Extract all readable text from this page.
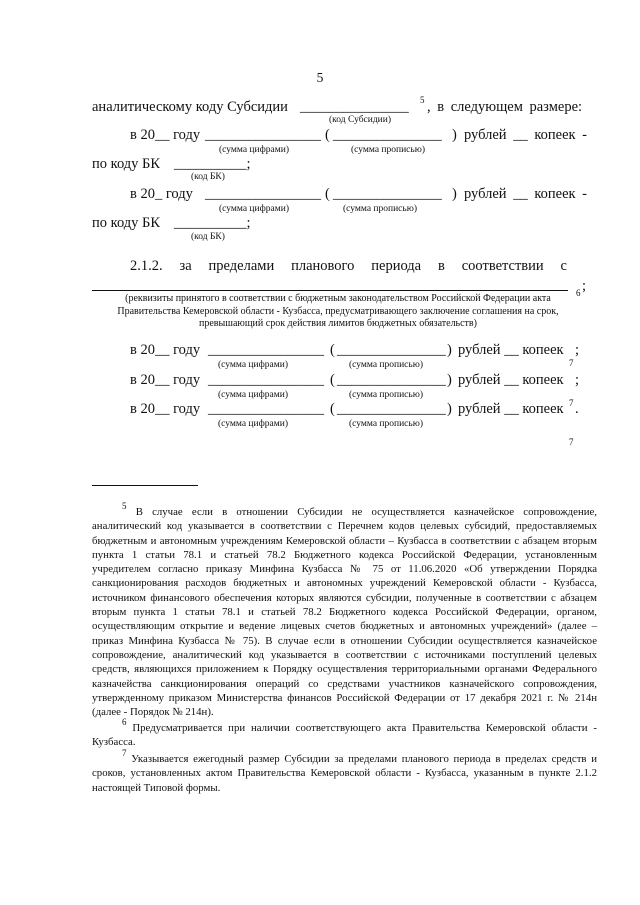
5
аналитическому коду Субсидии _______________ 5 , в следующем размере:
(код Субсидии)
в 20__ году ________________ ( _______________ ) рублей __ копеек -
(сумма цифрами)	(сумма прописью)
по коду БК __________;
(код БК)
в 20_ году ________________ ( _______________ ) рублей __ копеек -
(сумма цифрами)	(сумма прописью)
по коду БК __________;
(код БК)
2.1.2. за пределами планового периода в соответствии с
6 ;
(реквизиты принятого в соответствии с бюджетным законодательством Российской Федерации акта
Правительства Кемеровской области - Кузбасса, предусматривающего заключение соглашения на срок,
превышающий срок действия лимитов бюджетных обязательств)
в 20__ году ________________ ( _______________ ) рублей __ копеек
7
;
(сумма цифрами)	(сумма прописью)
в 20__ году ________________ ( _______________ ) рублей __ копеек
7
;
(сумма цифрами)	(сумма прописью)
в 20__ году ________________ ( _______________ ) рублей __ копеек
7
.
(сумма цифрами)	(сумма прописью)
$^5$ В случае если в отношении Субсидии не осуществляется казначейское сопровождение, аналитический код указывается в соответствии с Перечнем кодов целевых субсидий, предоставляемых бюджетным и автономным учреждениям Кемеровской области – Кузбасса в соответствии с абзацем вторым пункта 1 статьи 78.1 и статьей 78.2 Бюджетного кодекса Российской Федерации, установленным учредителем согласно приказу Минфина Кузбасса № 75 от 11.06.2020 «Об утверждении Порядка санкционирования расходов бюджетных и автономных учреждений Кемеровской области - Кузбасса, источником финансового обеспечения которых являются субсидии, полученные в соответствии с абзацем вторым пункта 1 статьи 78.1 и статьей 78.2 Бюджетного кодекса Российской Федерации, органом, осуществляющим открытие и ведение лицевых счетов бюджетных и автономных учреждений» (далее – приказ Минфина Кузбасса № 75). В случае если в отношении Субсидии осуществляется казначейское сопровождение, аналитический код указывается в соответствии с источниками поступлений целевых средств, являющихся приложением к Порядку осуществления территориальными органами Федерального казначейства санкционирования операций со средствами участников казначейского сопровождения, утвержденному приказом Министерства финансов Российской Федерации от 17 декабря 2021 г. № 214н (далее - Порядок № 214н).
$^6$ Предусматривается при наличии соответствующего акта Правительства Кемеровской области - Кузбасса.
$^7$ Указывается ежегодный размер Субсидии за пределами планового периода в пределах средств и сроков, установленных актом Правительства Кемеровской области - Кузбасса, указанным в пункте 2.1.2 настоящей Типовой формы.
